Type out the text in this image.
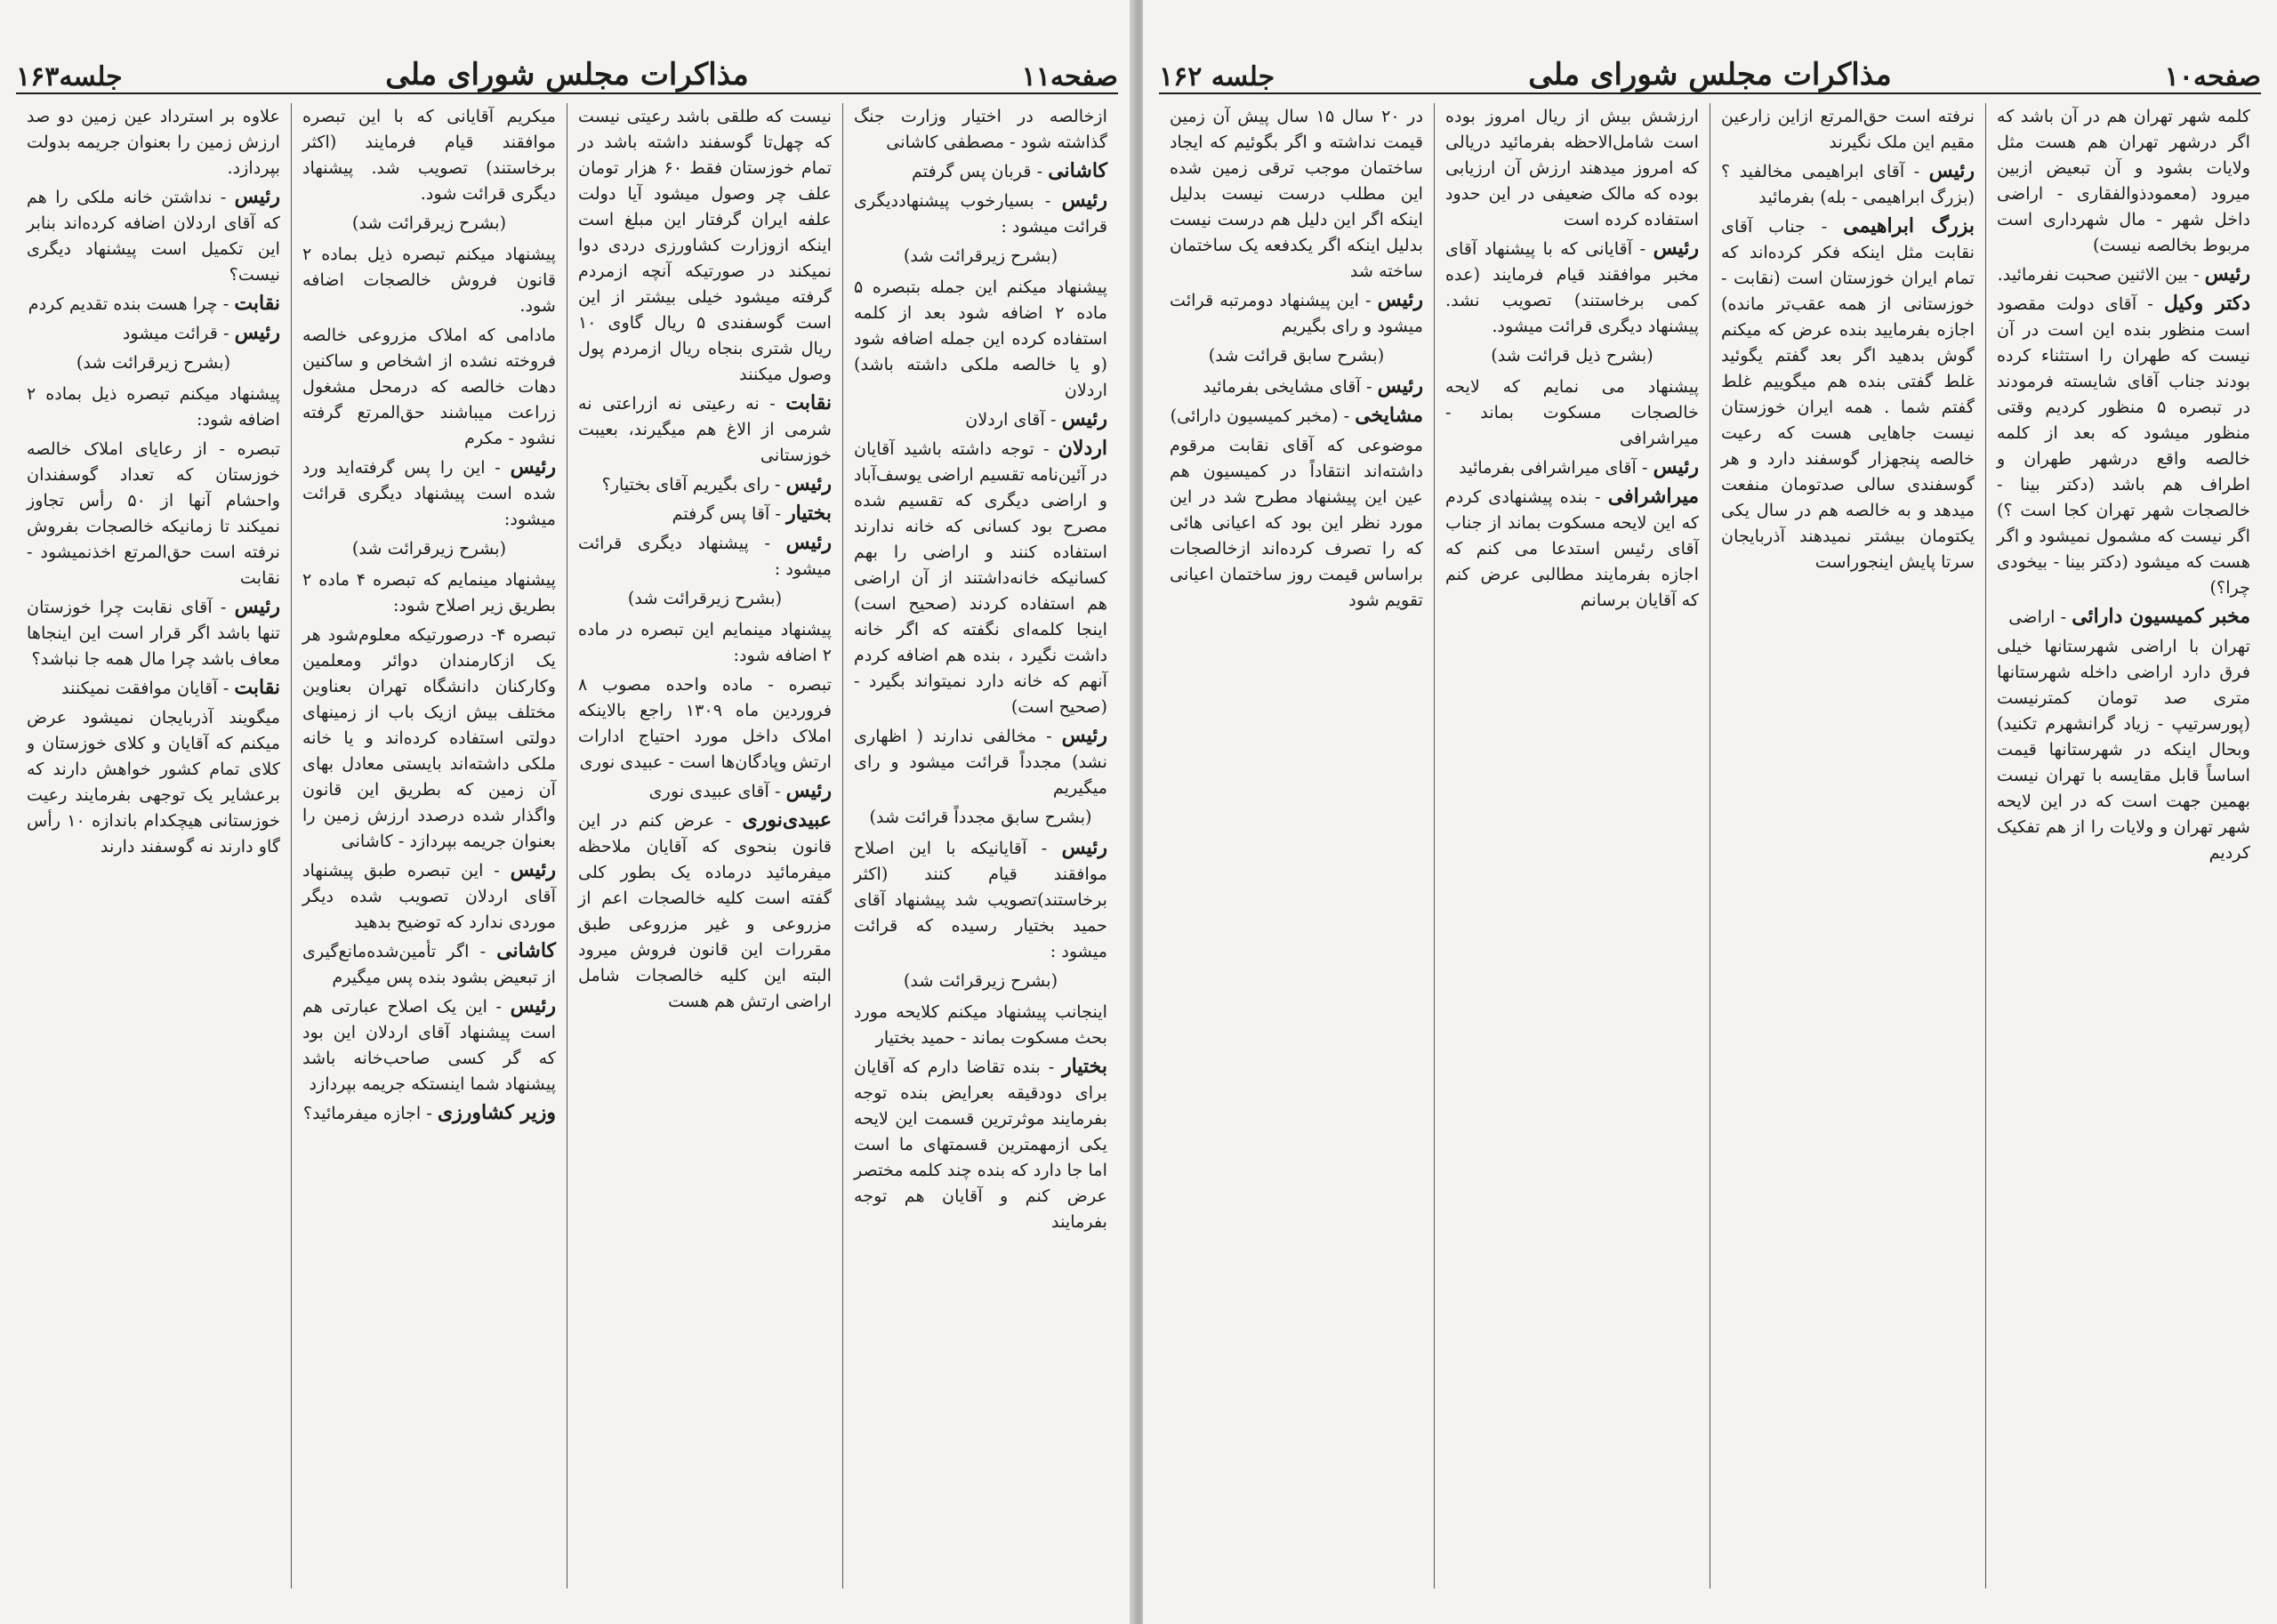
صفحه۱۱
مذاکرات مجلس شورای ملی
جلسه۱۶۳
ازخالصه در اختیار وزارت جنگ گذاشته شود - مصطفی کاشانی
کاشانی - قربان پس گرفتم
رئیس - بسیارخوب پیشنهاددیگری قرائت میشود :
(بشرح زیرقرائت شد)
پیشنهاد میکنم این جمله بتبصره ۵ ماده ۲ اضافه شود بعد از کلمه استفاده کرده این جمله اضافه شود (و یا خالصه ملکی داشته باشد) اردلان
رئیس - آقای اردلان
اردلان - توجه داشته باشید آقایان در آئین‌نامه تقسیم اراضی یوسف‌آباد و اراضی دیگری که تقسیم شده مصرح بود کسانی که خانه ندارند استفاده کنند و اراضی را بهم کسانیکه خانه‌داشتند از آن اراضی هم استفاده کردند (صحیح است) اینجا کلمه‌ای نگفته که اگر خانه داشت نگیرد ، بنده هم اضافه کردم آنهم که خانه دارد نمیتواند بگیرد - (صحیح است)
رئیس - مخالفی ندارند ( اظهاری نشد) مجدداً قرائت میشود و رای میگیریم
(بشرح سابق مجدداً قرائت شد)
رئیس - آقایانیکه با این اصلاح موافقند قیام کنند (اکثر برخاستند)تصویب شد پیشنهاد آقای حمید بختیار رسیده که قرائت میشود :
(بشرح زیرقرائت شد)
اینجانب پیشنهاد میکنم کلایحه مورد بحث مسکوت بماند - حمید بختیار
بختیار - بنده تقاضا دارم که آقایان برای دودقیقه بعرایض بنده توجه بفرمایند موثرترین قسمت این لایحه یکی ازمهمترین قسمتهای ما است اما جا دارد که بنده چند کلمه مختصر عرض کنم و آقایان هم توجه بفرمایند
نیست که طلقی باشد رعیتی نیست که چهل‌تا گوسفند داشته باشد در تمام خوزستان فقط ۶۰ هزار تومان علف چر وصول میشود آیا دولت علفه ایران گرفتار این مبلغ است اینکه ازوزارت کشاورزی دردی دوا نمیکند در صورتیکه آنچه ازمردم گرفته میشود خیلی بیشتر از این است گوسفندی ۵ ریال گاوی ۱۰ ریال شتری بنجاه ریال ازمردم پول وصول میکنند
نقابت - نه رعیتی نه ازراعتی نه شرمی از الاغ هم میگیرند، بعیبت خوزستانی
رئیس - رای بگیریم آقای بختیار؟
بختیار - آقا پس گرفتم
رئیس - پیشنهاد دیگری قرائت میشود :
(بشرح زیرقرائت شد)
پیشنهاد مینمایم این تبصره در ماده ۲ اضافه شود:
تبصره - ماده واحده مصوب ۸ فروردین ماه ۱۳۰۹ راجع بالاینکه املاک داخل مورد احتیاج ادارات ارتش وپادگان‌ها است - عبیدی نوری
رئیس - آقای عبیدی نوری
عبیدی‌نوری - عرض کنم در این قانون بنحوی که آقایان ملاحظه میفرمائید درماده یک بطور کلی گفته است کلیه خالصجات اعم از مزروعی و غیر مزروعی طبق مقررات این قانون فروش میرود البته این کلیه خالصجات شامل اراضی ارتش هم هست
میکریم آقایانی که با این تبصره موافقند قیام فرمایند (اکثر برخاستند) تصویب شد. پیشنهاد دیگری قرائت شود.
(بشرح زیرقرائت شد)
پیشنهاد میکنم تبصره ذیل بماده ۲ قانون فروش خالصجات اضافه شود.
مادامی که املاک مزروعی خالصه فروخته نشده از اشخاص و ساکنین دهات خالصه که درمحل مشغول زراعت میباشند حق‌المرتع گرفته نشود - مکرم
رئیس - این را پس گرفته‌اید ورد شده است پیشنهاد دیگری قرائت میشود:
(بشرح زیرقرائت شد)
پیشنهاد مینمایم که تبصره ۴ ماده ۲ بطریق زیر اصلاح شود:
تبصره ۴- درصورتیکه معلوم‌شود هر یک ازکارمندان دوائر ومعلمین وکارکنان دانشگاه تهران بعناوین مختلف بیش ازیک باب از زمینهای دولتی استفاده کرده‌اند و یا خانه ملکی داشته‌اند بایستی معادل بهای آن زمین که بطریق این قانون واگذار شده درصدد ارزش زمین را بعنوان جریمه بپردازد - کاشانی
رئیس - این تبصره طبق پیشنهاد آقای اردلان تصویب شده دیگر موردی ندارد که توضیح بدهید
کاشانی - اگر تأمین‌شده‌مانع‌گیری از تبعیض بشود بنده پس میگیرم
رئیس - این یک اصلاح عبارتی هم است پیشنهاد آقای اردلان این بود که گر کسی صاحب‌خانه باشد پیشنهاد شما اینستکه جریمه بپردازد
وزیر کشاورزی - اجازه میفرمائید؟
علاوه بر استرداد عین زمین دو صد ارزش زمین را بعنوان جریمه بدولت بپردازد.
رئیس - نداشتن خانه ملکی را هم که آقای اردلان اضافه کرده‌اند بنابر این تکمیل است پیشنهاد دیگری نیست؟
نقابت - چرا هست بنده تقدیم کردم
رئیس - قرائت میشود
(بشرح زیرقرائت شد)
پیشنهاد میکنم تبصره ذیل بماده ۲ اضافه شود:
تبصره - از رعایای املاک خالصه خوزستان که تعداد گوسفندان واحشام آنها از ۵۰ رأس تجاوز نمیکند تا زمانیکه خالصجات بفروش نرفته است حق‌المرتع اخذنمیشود - نقابت
رئیس - آقای نقابت چرا خوزستان تنها باشد اگر قرار است این اینجاها معاف باشد چرا مال همه جا نباشد؟
نقابت - آقایان موافقت نمیکنند
میگویند آذربایجان نمیشود عرض میکنم که آقایان و کلای خوزستان و کلای تمام کشور خواهش دارند که برعشایر یک توجهی بفرمایند رعیت خوزستانی هیچکدام باندازه ۱۰ رأس گاو دارند نه گوسفند دارند
صفحه۱۰
مذاکرات مجلس شورای ملی
جلسه ۱۶۲
کلمه شهر تهران هم در آن باشد که اگر درشهر تهران هم هست مثل ولایات بشود و آن تبعیض ازبین میرود (معمودذوالفقاری - اراضی داخل شهر - مال شهرداری است مربوط بخالصه نیست)
رئیس - بین الاثنین صحبت نفرمائید.
دکتر وکیل - آقای دولت مقصود است منظور بنده این است در آن نیست که طهران را استثناء کرده بودند جناب آقای شایسته فرمودند در تبصره ۵ منظور کردیم وقتی منظور میشود که بعد از کلمه خالصه واقع درشهر طهران و اطراف هم باشد (دکتر بینا - خالصجات شهر تهران کجا است ؟) اگر نیست که مشمول نمیشود و اگر هست که میشود (دکتر بینا - بیخودی چرا؟)
مخبر کمیسیون دارائی - اراضی
تهران با اراضی شهرستانها خیلی فرق دارد اراضی داخله شهرستانها متری صد تومان کمترنیست (پورسرتیپ - زیاد گرانشهرم تکنید) وبحال اینکه در شهرستانها قیمت اساساً قابل مقایسه با تهران نیست بهمین جهت است که در این لایحه شهر تهران و ولایات را از هم تفکیک کردیم
نرفته است حق‌المرتع ازاین زارعین مقیم این ملک نگیرند
رئیس - آقای ابراهیمی مخالفید ؟ (بزرگ ابراهیمی - بله) بفرمائید
بزرگ ابراهیمی - جناب آقای نقابت مثل اینکه فکر کرده‌اند که تمام ایران خوزستان است (نقابت - خوزستانی از همه عقب‌تر مانده) اجازه بفرمایید بنده عرض که میکنم گوش بدهید اگر بعد گفتم یگوئید غلط گفتی بنده هم میگوییم غلط گفتم شما . همه ایران خوزستان نیست جاهایی هست که رعیت خالصه پنجهزار گوسفند دارد و هر گوسفندی سالی صدتومان منفعت میدهد و به خالصه هم در سال یکی یکتومان بیشتر نمیدهند آذربایجان سرتا پایش اینجوراست
ارزشش بیش از ریال امروز بوده است شامل‌الاحظه بفرمائید دریالی که امروز میدهند ارزش آن ارزیابی بوده که مالک ضعیفی در این حدود استفاده کرده است
رئیس - آقایانی که با پیشنهاد آقای مخبر موافقند قیام فرمایند (عده کمی برخاستند) تصویب نشد. پیشنهاد دیگری قرائت میشود.
(بشرح ذیل قرائت شد)
پیشنهاد می نمایم که لایحه خالصجات مسکوت بماند - میراشرافی
رئیس - آقای میراشرافی بفرمائید
میراشرافی - بنده پیشنهادی کردم که این لایحه مسکوت بماند از جناب آقای رئیس استدعا می کنم که اجازه بفرمایند مطالبی عرض کنم که آقایان برسانم
در ۲۰ سال ۱۵ سال پیش آن زمین قیمت نداشته و اگر بگوئیم که ایجاد ساختمان موجب ترقی زمین شده این مطلب درست نیست بدلیل اینکه اگر این دلیل هم درست نیست بدلیل اینکه اگر یکدفعه یک ساختمان ساخته شد
رئیس - این پیشنهاد دومرتبه قرائت میشود و رای بگیریم
(بشرح سابق قرائت شد)
رئیس - آقای مشایخی بفرمائید
مشایخی - (مخبر کمیسیون دارائی)
موضوعی که آقای نقابت مرقوم داشته‌اند انتقاداً در کمیسیون هم عین این پیشنهاد مطرح شد در این مورد نظر این بود که اعیانی هائی که را تصرف کرده‌اند ازخالصجات براساس قیمت روز ساختمان اعیانی تقویم شود
